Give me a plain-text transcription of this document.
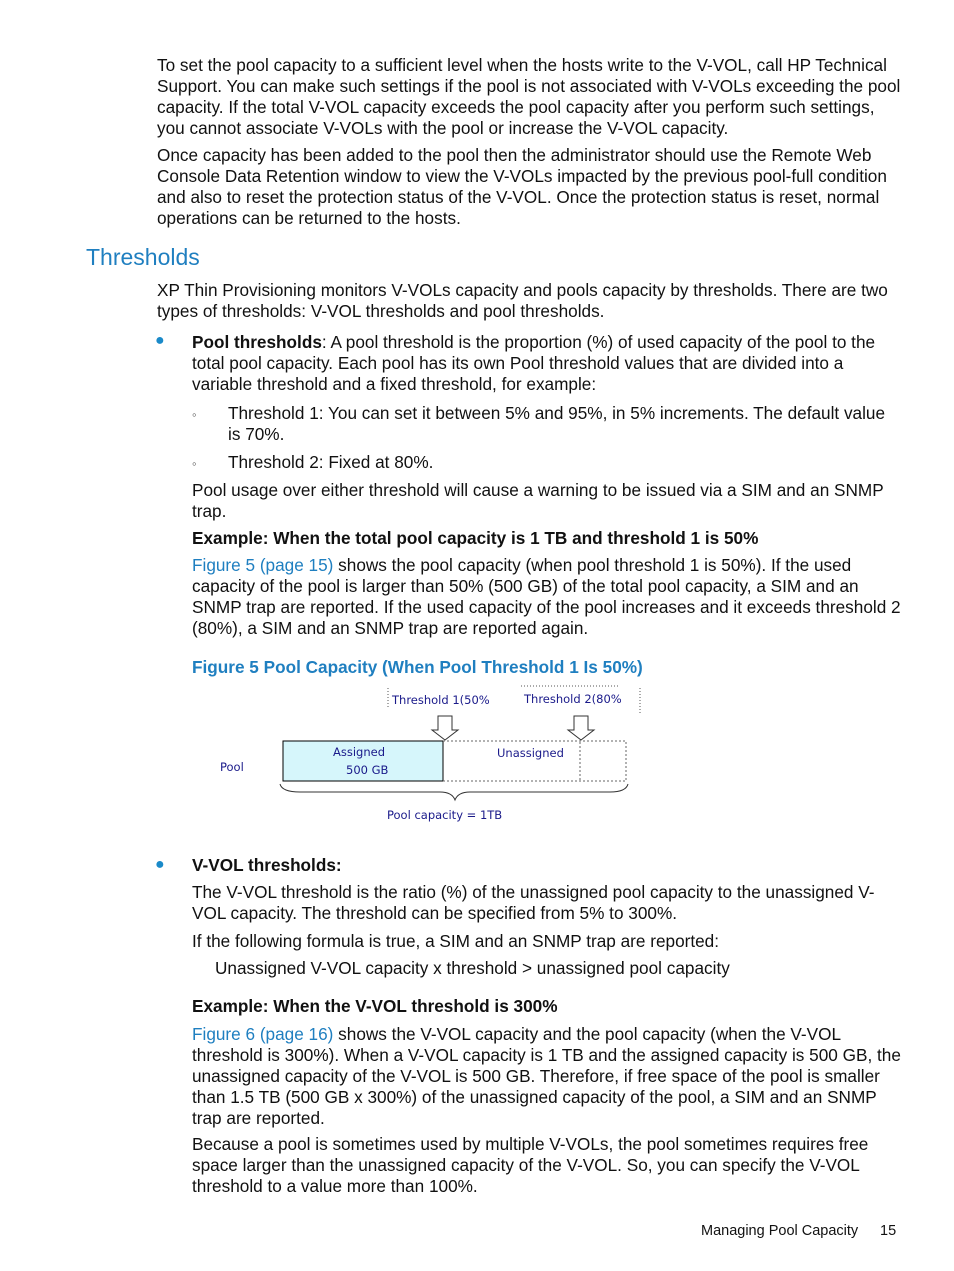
To set the pool capacity to a sufficient level when the hosts write to the V-VOL, call HP Technical Support. You can make such settings if the pool is not associated with V-VOLs exceeding the pool capacity. If the total V-VOL capacity exceeds the pool capacity after you perform such settings, you cannot associate V-VOLs with the pool or increase the V-VOL capacity.

Once capacity has been added to the pool then the administrator should use the Remote Web Console Data Retention window to view the V-VOLs impacted by the previous pool-full condition and also to reset the protection status of the V-VOL. Once the protection status is reset, normal operations can be returned to the hosts.

Thresholds

XP Thin Provisioning monitors V-VOLs capacity and pools capacity by thresholds. There are two types of thresholds: V-VOL thresholds and pool thresholds.

● Pool thresholds: A pool threshold is the proportion (%) of used capacity of the pool to the total pool capacity. Each pool has its own Pool threshold values that are divided into a variable threshold and a fixed threshold, for example:

◦	Threshold 1: You can set it between 5% and 95%, in 5% increments. The default value is 70%.

◦	Threshold 2: Fixed at 80%.

Pool usage over either threshold will cause a warning to be issued via a SIM and an SNMP trap.

Example: When the total pool capacity is 1 TB and threshold 1 is 50%

Figure 5 (page 15) shows the pool capacity (when pool threshold 1 is 50%). If the used capacity of the pool is larger than 50% (500 GB) of the total pool capacity, a SIM and an SNMP trap are reported. If the used capacity of the pool increases and it exceeds threshold 2 (80%), a SIM and an SNMP trap are reported again.

Figure 5 Pool Capacity (When Pool Threshold 1 Is 50%)

Threshold 1(50%	Threshold 2(80%
Pool
Assigned
500 GB
Unassigned
Pool capacity = 1TB
● V-VOL thresholds:

The V-VOL threshold is the ratio (%) of the unassigned pool capacity to the unassigned V-VOL capacity. The threshold can be specified from 5% to 300%.

If the following formula is true, a SIM and an SNMP trap are reported:

Unassigned V-VOL capacity x threshold > unassigned pool capacity

Example: When the V-VOL threshold is 300%

Figure 6 (page 16) shows the V-VOL capacity and the pool capacity (when the V-VOL threshold is 300%). When a V-VOL capacity is 1 TB and the assigned capacity is 500 GB, the unassigned capacity of the V-VOL is 500 GB. Therefore, if free space of the pool is smaller than 1.5 TB (500 GB x 300%) of the unassigned capacity of the pool, a SIM and an SNMP trap are reported.

Because a pool is sometimes used by multiple V-VOLs, the pool sometimes requires free space larger than the unassigned capacity of the V-VOL. So, you can specify the V-VOL threshold to a value more than 100%.

Managing Pool Capacity 15
